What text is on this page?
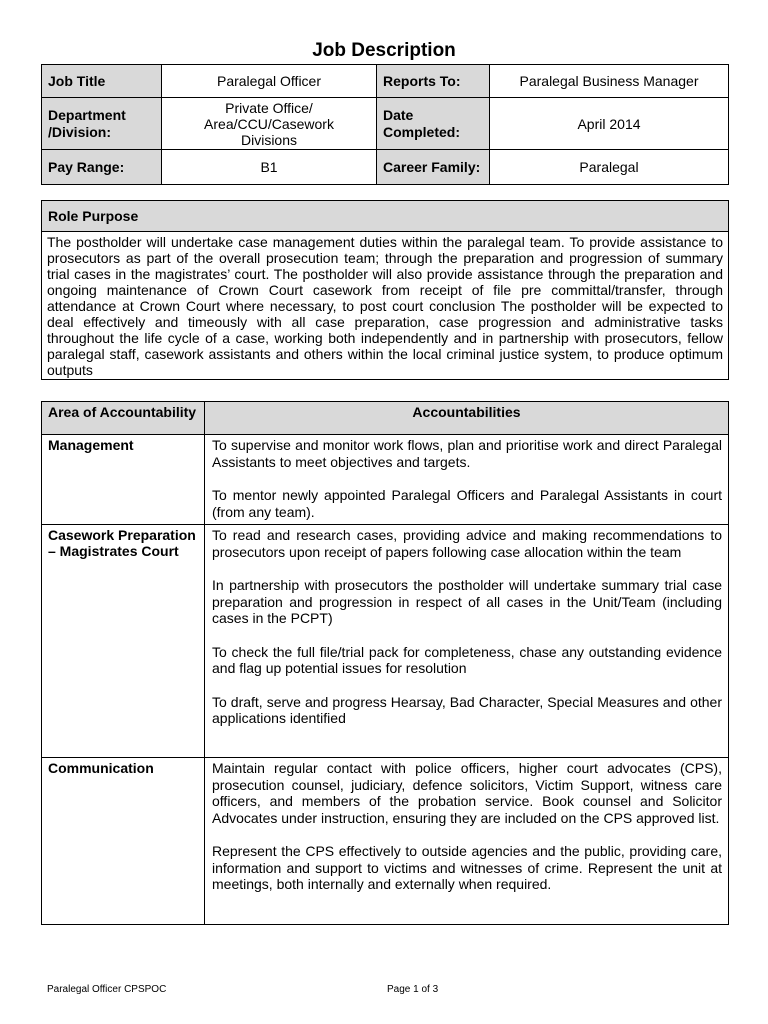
Job Description
Job Title	Paralegal Officer	Reports To:	Paralegal Business Manager
Department /Division:	Private Office/ Area/CCU/Casework Divisions	Date Completed:	April 2014
Pay Range:	B1	Career Family:	Paralegal
Role Purpose
The postholder will undertake case management duties within the paralegal team. To provide assistance to prosecutors as part of the overall prosecution team; through the preparation and progression of summary trial cases in the magistrates’ court. The postholder will also provide assistance through the preparation and ongoing maintenance of Crown Court casework from receipt of file pre committal/transfer, through attendance at Crown Court where necessary, to post court conclusion The postholder will be expected to deal effectively and timeously with all case preparation, case progression and administrative tasks throughout the life cycle of a case, working both independently and in partnership with prosecutors, fellow paralegal staff, casework assistants and others within the local criminal justice system, to produce optimum outputs
Area of Accountability	Accountabilities
Management	To supervise and monitor work flows, plan and prioritise work and direct Paralegal Assistants to meet objectives and targets.

To mentor newly appointed Paralegal Officers and Paralegal Assistants in court (from any team).

Casework Preparation – Magistrates Court	To read and research cases, providing advice and making recommendations to prosecutors upon receipt of papers following case allocation within the team

In partnership with prosecutors the postholder will undertake summary trial case preparation and progression in respect of all cases in the Unit/Team (including cases in the PCPT)

To check the full file/trial pack for completeness, chase any outstanding evidence and flag up potential issues for resolution

To draft, serve and progress Hearsay, Bad Character, Special Measures and other applications identified

Communication	Maintain regular contact with police officers, higher court advocates (CPS), prosecution counsel, judiciary, defence solicitors, Victim Support, witness care officers, and members of the probation service. Book counsel and Solicitor Advocates under instruction, ensuring they are included on the CPS approved list.

Represent the CPS effectively to outside agencies and the public, providing care, information and support to victims and witnesses of crime. Represent the unit at meetings, both internally and externally when required.

Paralegal Officer CPSPOC	Page 1 of 3
